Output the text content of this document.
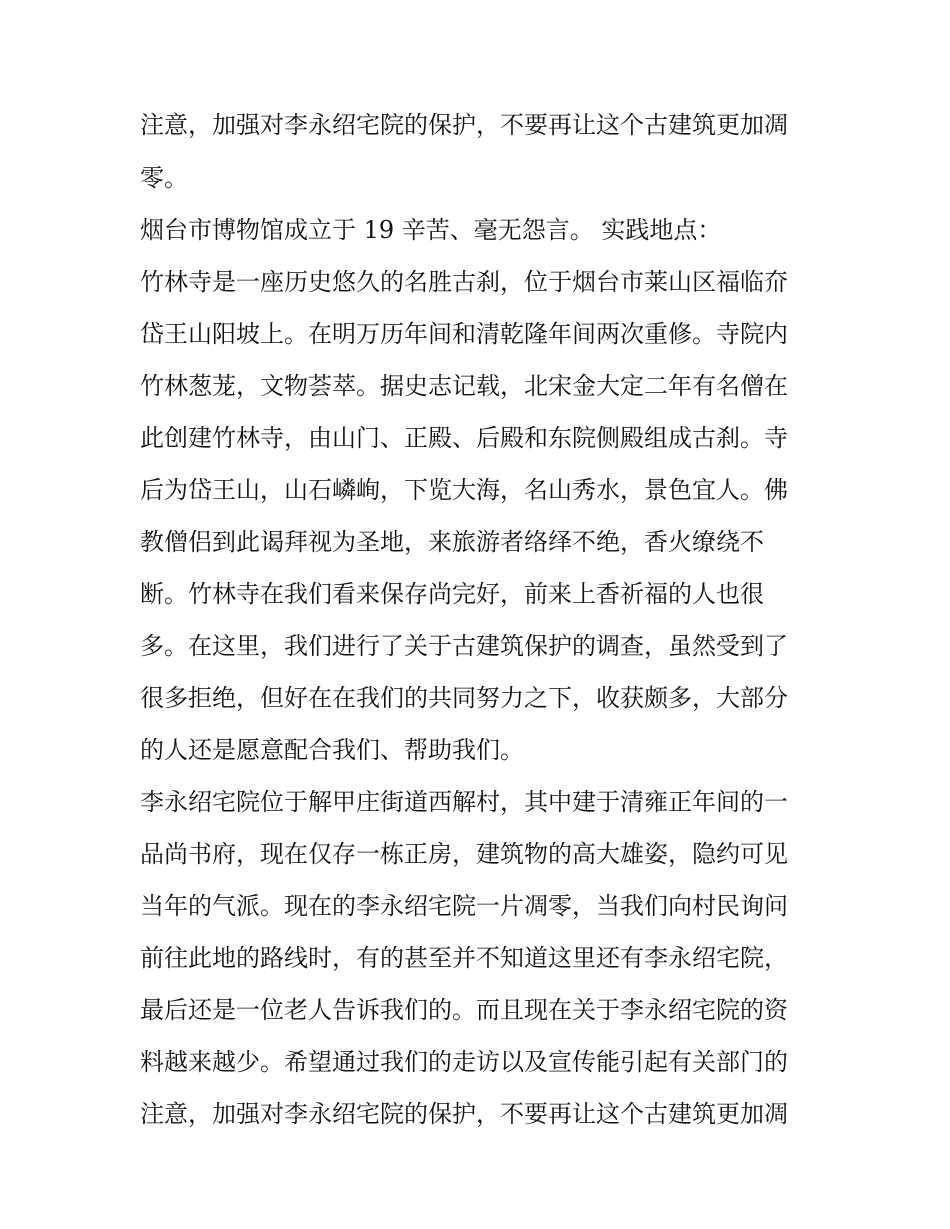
注意，加强对李永绍宅院的保护，不要再让这个古建筑更加凋
零。
烟台市博物馆成立于 19 辛苦、毫无怨言。 实践地点：
竹林寺是一座历史悠久的名胜古刹，位于烟台市莱山区福临夼
岱王山阳坡上。在明万历年间和清乾隆年间两次重修。寺院内
竹林葱茏，文物荟萃。据史志记载，北宋金大定二年有名僧在
此创建竹林寺，由山门、正殿、后殿和东院侧殿组成古刹。寺
后为岱王山，山石嶙峋，下览大海，名山秀水，景色宜人。佛
教僧侣到此谒拜视为圣地，来旅游者络绎不绝，香火缭绕不
断。竹林寺在我们看来保存尚完好，前来上香祈福的人也很
多。在这里，我们进行了关于古建筑保护的调查，虽然受到了
很多拒绝，但好在在我们的共同努力之下，收获颇多，大部分
的人还是愿意配合我们、帮助我们。
李永绍宅院位于解甲庄街道西解村，其中建于清雍正年间的一
品尚书府，现在仅存一栋正房，建筑物的高大雄姿，隐约可见
当年的气派。现在的李永绍宅院一片凋零，当我们向村民询问
前往此地的路线时，有的甚至并不知道这里还有李永绍宅院，
最后还是一位老人告诉我们的。而且现在关于李永绍宅院的资
料越来越少。希望通过我们的走访以及宣传能引起有关部门的
注意，加强对李永绍宅院的保护，不要再让这个古建筑更加凋
